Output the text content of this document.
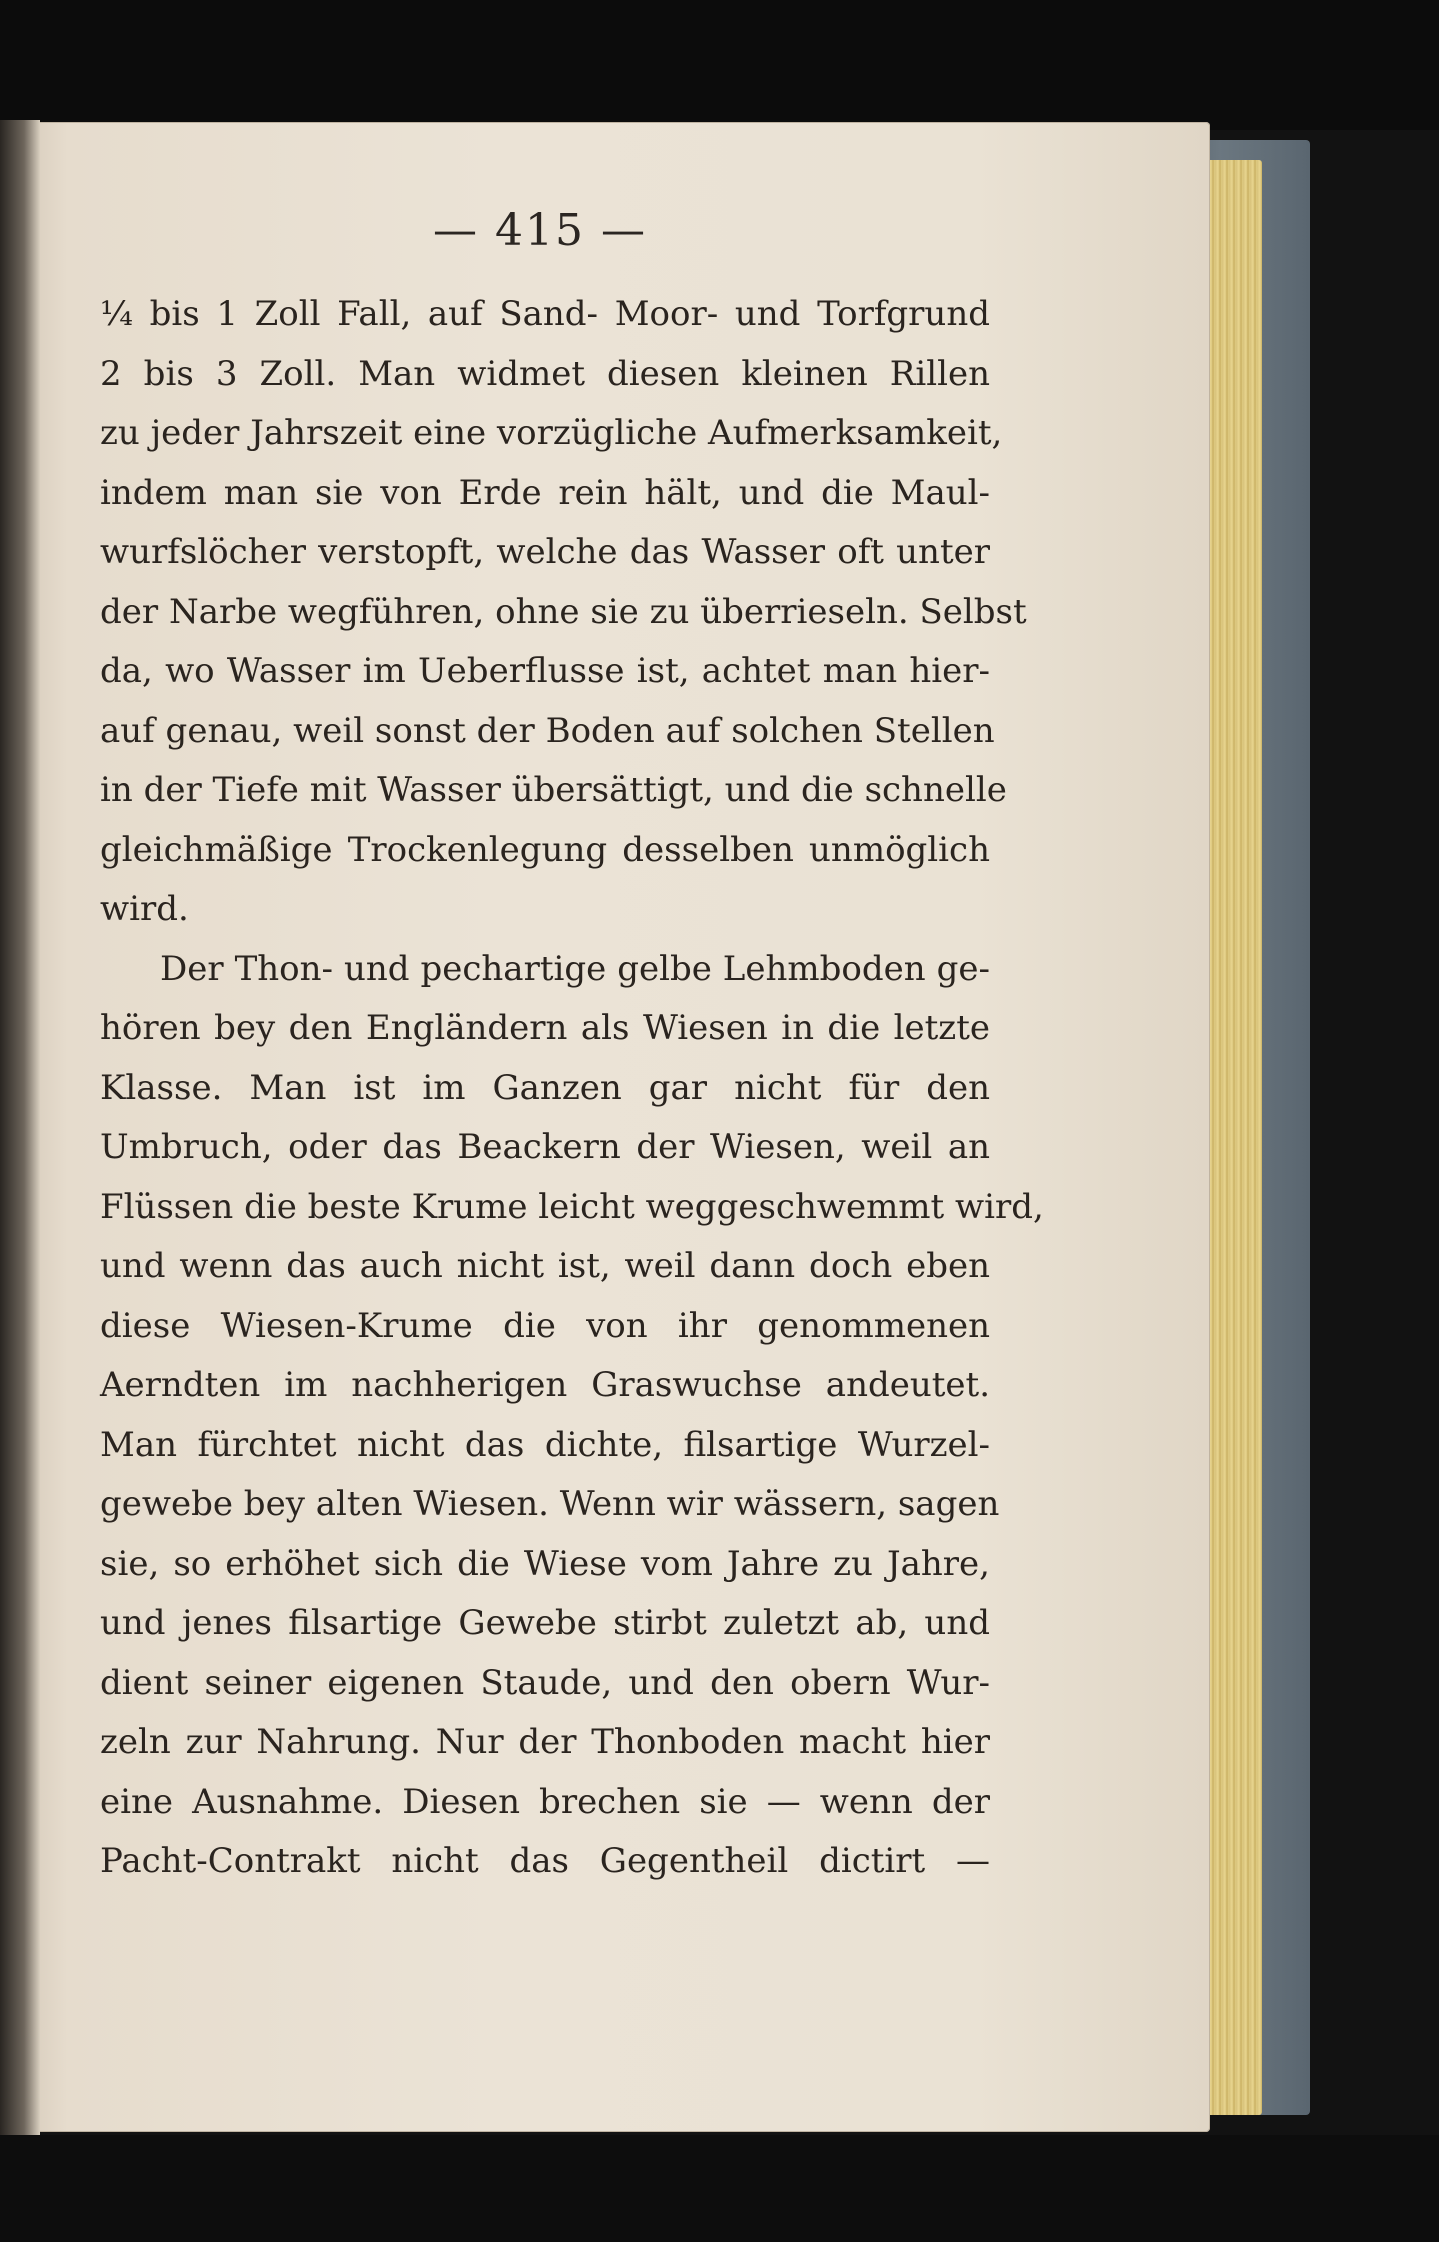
— 415 —
¼ bis 1 Zoll Fall, auf Sand- Moor- und Torfgrund
2 bis 3 Zoll. Man widmet diesen kleinen Rillen
zu jeder Jahrszeit eine vorzügliche Aufmerksamkeit,
indem man sie von Erde rein hält, und die Maul-
wurfslöcher verstopft, welche das Wasser oft unter
der Narbe wegführen, ohne sie zu überrieseln. Selbst
da, wo Wasser im Ueberflusse ist, achtet man hier-
auf genau, weil sonst der Boden auf solchen Stellen
in der Tiefe mit Wasser übersättigt, und die schnelle
gleichmäßige Trockenlegung desselben unmöglich
wird.
Der Thon- und pechartige gelbe Lehmboden ge-
hören bey den Engländern als Wiesen in die letzte
Klasse. Man ist im Ganzen gar nicht für den
Umbruch, oder das Beackern der Wiesen, weil an
Flüssen die beste Krume leicht weggeschwemmt wird,
und wenn das auch nicht ist, weil dann doch eben
diese Wiesen-Krume die von ihr genommenen
Aerndten im nachherigen Graswuchse andeutet.
Man fürchtet nicht das dichte, filsartige Wurzel-
gewebe bey alten Wiesen. Wenn wir wässern, sagen
sie, so erhöhet sich die Wiese vom Jahre zu Jahre,
und jenes filsartige Gewebe stirbt zuletzt ab, und
dient seiner eigenen Staude, und den obern Wur-
zeln zur Nahrung. Nur der Thonboden macht hier
eine Ausnahme. Diesen brechen sie — wenn der
Pacht-Contrakt nicht das Gegentheil dictirt —
